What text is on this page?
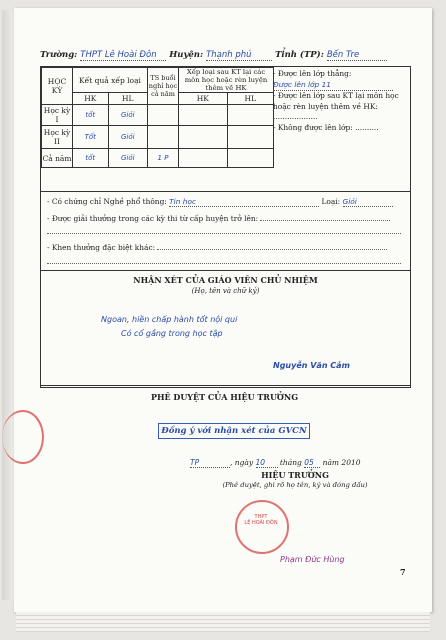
Trường: THPT Lê Hoài Đôn Huyện: Thạnh phú	Tỉnh (TP): Bến Tre
HỌC KỲ	Kết quả xếp loại		TS buổi nghỉ học cả năm	Xếp loại sau KT lại các môn học hoặc rèn luyện thêm về HK	
	HK	HL		HK	HL
Học kỳ I	tốt	Giỏi			
Học kỳ II	Tốt	Giỏi			
Cả năm	tốt	Giỏi	1 P		
- Được lên lớp thẳng:
Được lên lớp 11
- Được lên lớp sau KT lại môn học hoặc rèn luyện thêm về HK: ...................
- Không được lên lớp: ..........
- Có chứng chỉ Nghề phổ thông: Tin học	Loại: Giỏi
- Được giải thưởng trong các kỳ thi từ cấp huyện trở lên:
- Khen thưởng đặc biệt khác:
NHẬN XÉT CỦA GIÁO VIÊN CHỦ NHIỆM
(Họ, tên và chữ ký)
Ngoan, hiền chấp hành tốt nội qui
Có cố gắng trong học tập
Nguyễn Văn Cảm
PHÊ DUYỆT CỦA HIỆU TRƯỞNG
Đồng ý với nhận xét của GVCN
TP	, ngày 10 tháng 05 năm 2010
HIỆU TRƯỞNG
(Phê duyệt, ghi rõ họ tên, ký và đóng dấu)
THPT
LÊ HOÀI ĐÔN
Phạm Đức Hùng
7
